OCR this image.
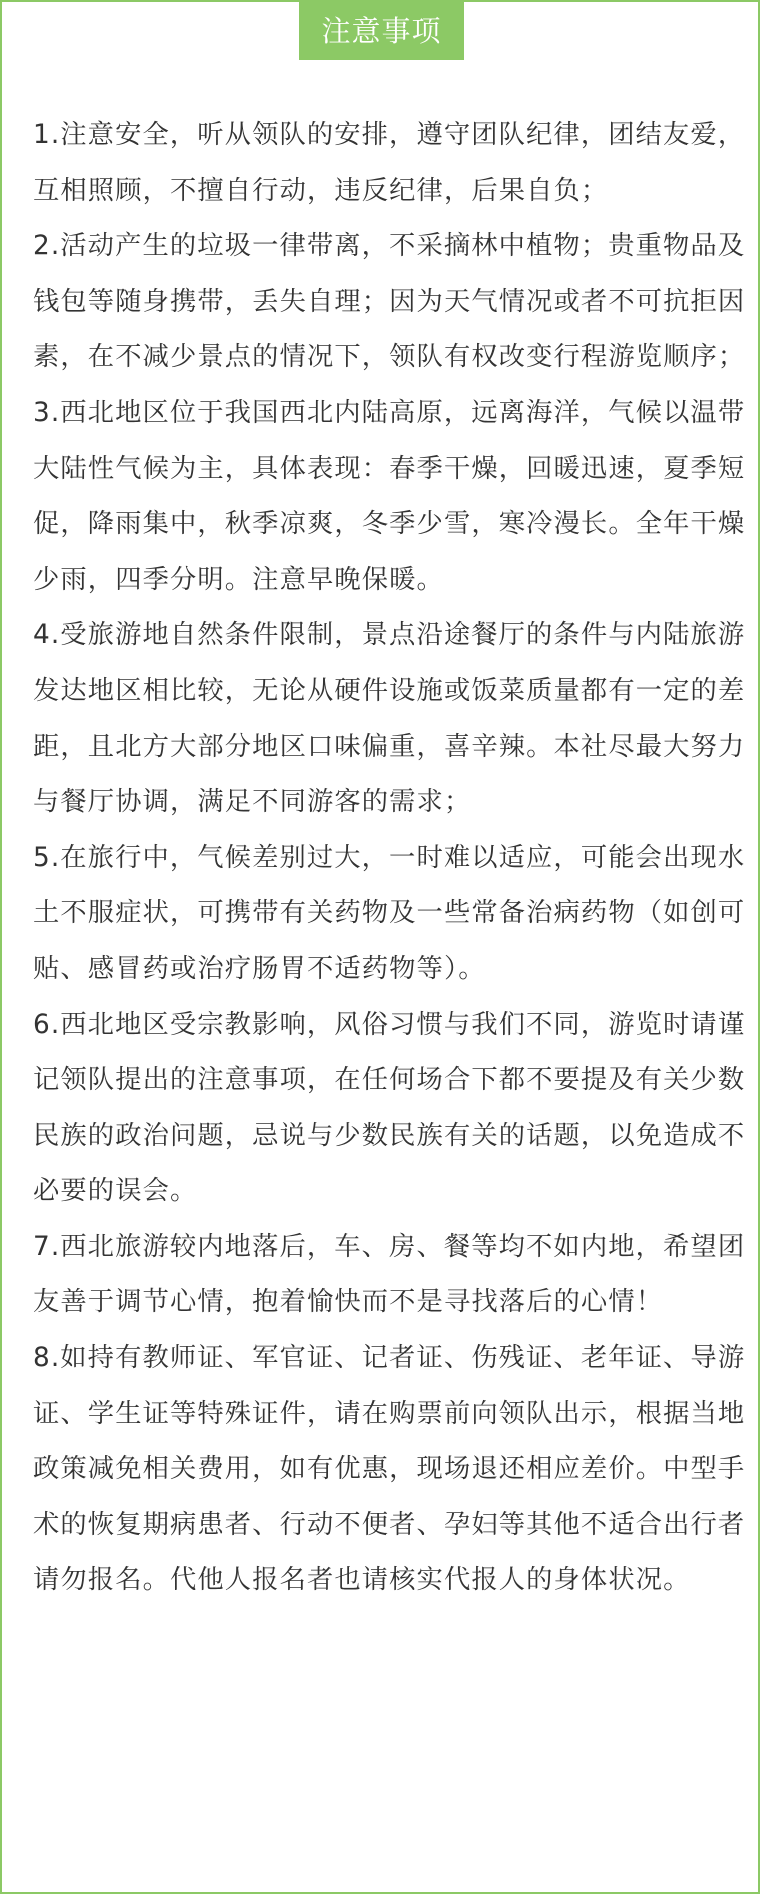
注意事项

1.注意安全，听从领队的安排，遵守团队纪律，团结友爱，互相照顾，不擅自行动，违反纪律，后果自负；

2.活动产生的垃圾一律带离，不采摘林中植物；贵重物品及钱包等随身携带，丢失自理；因为天气情况或者不可抗拒因素，在不减少景点的情况下，领队有权改变行程游览顺序；

3.西北地区位于我国西北内陆高原，远离海洋，气候以温带大陆性气候为主，具体表现：春季干燥，回暖迅速，夏季短促，降雨集中，秋季凉爽，冬季少雪，寒冷漫长。全年干燥少雨，四季分明。注意早晚保暖。

4.受旅游地自然条件限制，景点沿途餐厅的条件与内陆旅游发达地区相比较，无论从硬件设施或饭菜质量都有一定的差距，且北方大部分地区口味偏重，喜辛辣。本社尽最大努力与餐厅协调，满足不同游客的需求；

5.在旅行中，气候差别过大，一时难以适应，可能会出现水土不服症状，可携带有关药物及一些常备治病药物（如创可贴、感冒药或治疗肠胃不适药物等）。

6.西北地区受宗教影响，风俗习惯与我们不同，游览时请谨记领队提出的注意事项，在任何场合下都不要提及有关少数民族的政治问题，忌说与少数民族有关的话题，以免造成不必要的误会。

7.西北旅游较内地落后，车、房、餐等均不如内地，希望团友善于调节心情，抱着愉快而不是寻找落后的心情！

8.如持有教师证、军官证、记者证、伤残证、老年证、导游证、学生证等特殊证件，请在购票前向领队出示，根据当地政策减免相关费用，如有优惠，现场退还相应差价。中型手术的恢复期病患者、行动不便者、孕妇等其他不适合出行者请勿报名。代他人报名者也请核实代报人的身体状况。
